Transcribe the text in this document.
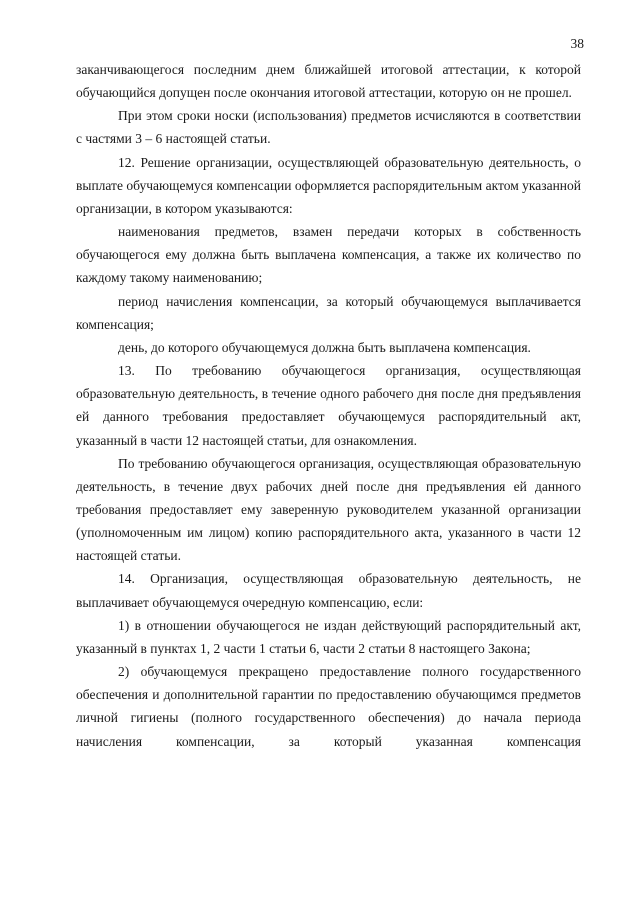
38

заканчивающегося последним днем ближайшей итоговой аттестации, к которой обучающийся допущен после окончания итоговой аттестации, которую он не прошел.

При этом сроки носки (использования) предметов исчисляются в соответствии с частями 3 – 6 настоящей статьи.

12. Решение организации, осуществляющей образовательную деятельность, о выплате обучающемуся компенсации оформляется распорядительным актом указанной организации, в котором указываются:

наименования предметов, взамен передачи которых в собственность обучающегося ему должна быть выплачена компенсация, а также их количество по каждому такому наименованию;

период начисления компенсации, за который обучающемуся выплачивается компенсация;

день, до которого обучающемуся должна быть выплачена компенсация.

13. По требованию обучающегося организация, осуществляющая образовательную деятельность, в течение одного рабочего дня после дня предъявления ей данного требования предоставляет обучающемуся распорядительный акт, указанный в части 12 настоящей статьи, для ознакомления.

По требованию обучающегося организация, осуществляющая образовательную деятельность, в течение двух рабочих дней после дня предъявления ей данного требования предоставляет ему заверенную руководителем указанной организации (уполномоченным им лицом) копию распорядительного акта, указанного в части 12 настоящей статьи.

14. Организация, осуществляющая образовательную деятельность, не выплачивает обучающемуся очередную компенсацию, если:

1) в отношении обучающегося не издан действующий распорядительный акт, указанный в пунктах 1, 2 части 1 статьи 6, части 2 статьи 8 настоящего Закона;

2) обучающемуся прекращено предоставление полного государственного обеспечения и дополнительной гарантии по предоставлению обучающимся предметов личной гигиены (полного государственного обеспечения) до начала периода начисления компенсации, за который указанная компенсация
